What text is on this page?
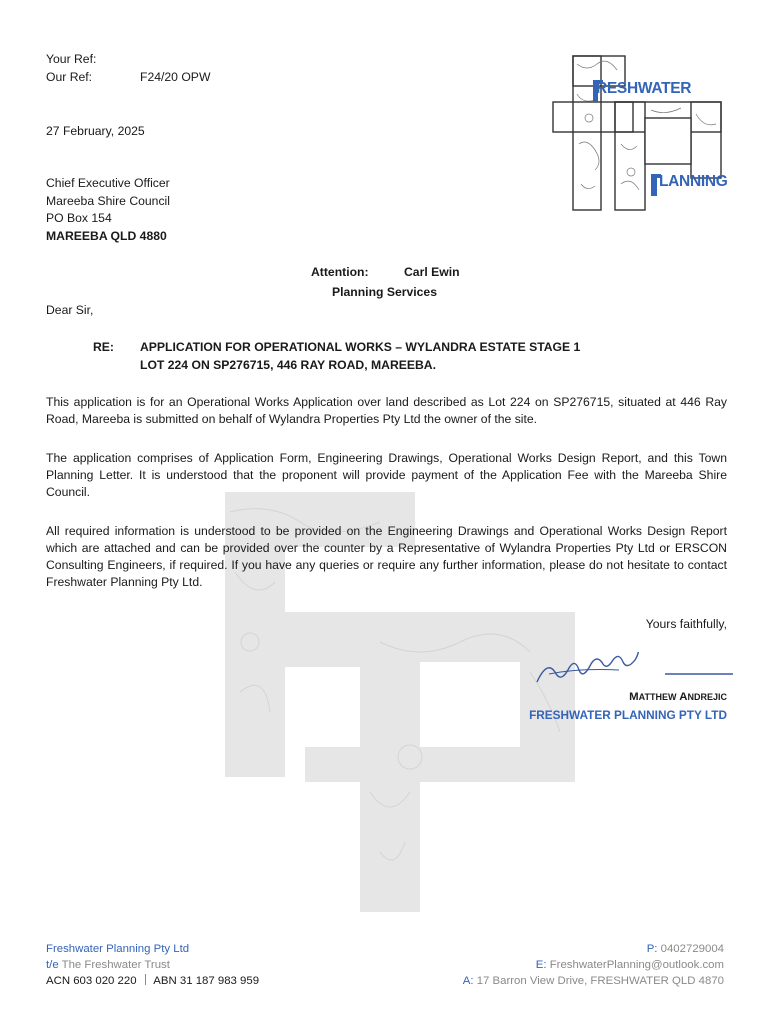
RESHWATER
LANNING
Your Ref:
Our Ref:	F24/20 OPW
27 February, 2025
Chief Executive Officer
Mareeba Shire Council
PO Box 154
MAREEBA QLD 4880
Attention:	Carl Ewin
Planning Services
Dear Sir,
RE: APPLICATION FOR OPERATIONAL WORKS – WYLANDRA ESTATE STAGE 1
LOT 224 ON SP276715, 446 RAY ROAD, MAREEBA.
This application is for an Operational Works Application over land described as Lot 224 on SP276715, situated at 446 Ray Road, Mareeba is submitted on behalf of Wylandra Properties Pty Ltd the owner of the site.
The application comprises of Application Form, Engineering Drawings, Operational Works Design Report, and this Town Planning Letter. It is understood that the proponent will provide payment of the Application Fee with the Mareeba Shire Council.
All required information is understood to be provided on the Engineering Drawings and Operational Works Design Report which are attached and can be provided over the counter by a Representative of Wylandra Properties Pty Ltd or ERSCON Consulting Engineers, if required. If you have any queries or require any further information, please do not hesitate to contact Freshwater Planning Pty Ltd.
Yours faithfully,
MATTHEW ANDREJIC
FRESHWATER PLANNING PTY LTD
Freshwater Planning Pty Ltd
t/e The Freshwater Trust
ACN 603 020 220 ABN 31 187 983 959
P: 0402729004
E: FreshwaterPlanning@outlook.com
A: 17 Barron View Drive, FRESHWATER QLD 4870
